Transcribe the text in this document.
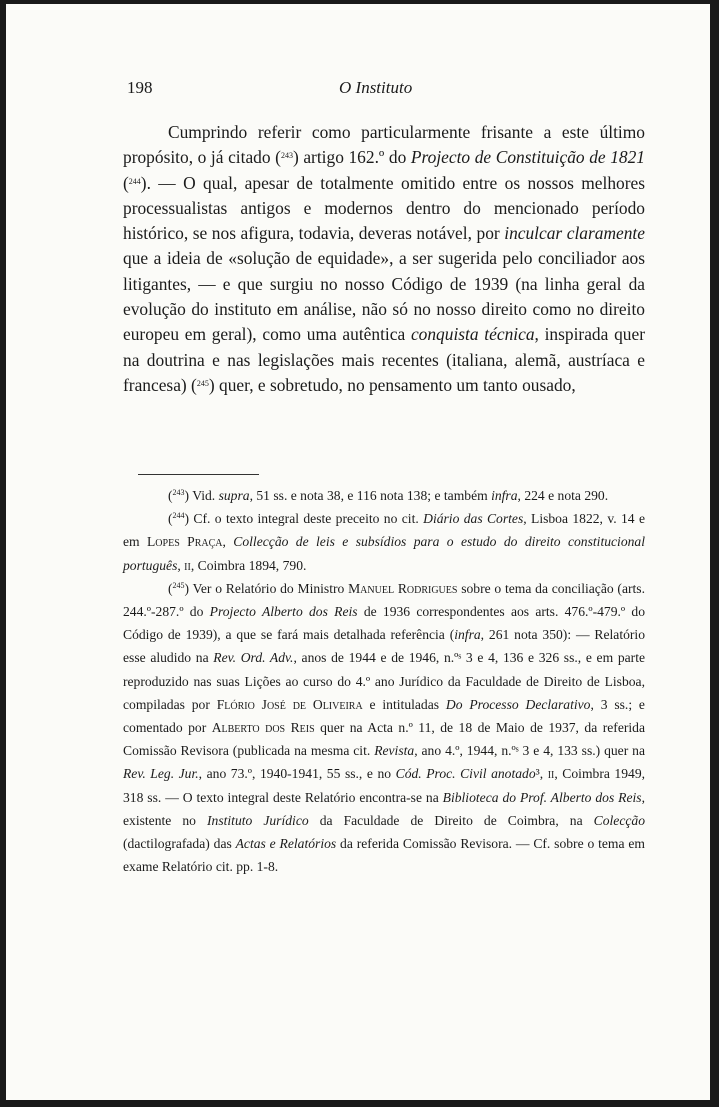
198	O Instituto

Cumprindo referir como particularmente frisante a este último propósito, o já citado ($^{243}$) artigo 162.º do Projecto de Constituição de 1821 ($^{244}$). — O qual, apesar de totalmente omitido entre os nossos melhores processualistas antigos e modernos dentro do mencionado período histórico, se nos afigura, todavia, deveras notável, por inculcar claramente que a ideia de «solução de equidade», a ser sugerida pelo conciliador aos litigantes, — e que surgiu no nosso Código de 1939 (na linha geral da evolução do instituto em análise, não só no nosso direito como no direito europeu em geral), como uma autêntica conquista técnica, inspirada quer na doutrina e nas legislações mais recentes (italiana, alemã, austríaca e francesa) ($^{245}$) quer, e sobretudo, no pensamento um tanto ousado,

($^{243}$) Vid. supra, 51 ss. e nota 38, e 116 nota 138; e também infra, 224 e nota 290.

($^{244}$) Cf. o texto integral deste preceito no cit. Diário das Cortes, Lisboa 1822, v. 14 e em Lopes Praça, Collecção de leis e subsídios para o estudo do direito constitucional português, ii, Coimbra 1894, 790.

($^{245}$) Ver o Relatório do Ministro Manuel Rodrigues sobre o tema da conciliação (arts. 244.º-287.º do Projecto Alberto dos Reis de 1936 correspondentes aos arts. 476.º-479.º do Código de 1939), a que se fará mais detalhada referência (infra, 261 nota 350): — Relatório esse aludido na Rev. Ord. Adv., anos de 1944 e de 1946, n.ºˢ 3 e 4, 136 e 326 ss., e em parte reproduzido nas suas Lições ao curso do 4.º ano Jurídico da Faculdade de Direito de Lisboa, compiladas por Flório José de Oliveira e intituladas Do Processo Declarativo, 3 ss.; e comentado por Alberto dos Reis quer na Acta n.º 11, de 18 de Maio de 1937, da referida Comissão Revisora (publicada na mesma cit. Revista, ano 4.º, 1944, n.ºˢ 3 e 4, 133 ss.) quer na Rev. Leg. Jur., ano 73.º, 1940-1941, 55 ss., e no Cód. Proc. Civil anotado³, ii, Coimbra 1949, 318 ss. — O texto integral deste Relatório encontra-se na Biblioteca do Prof. Alberto dos Reis, existente no Instituto Jurídico da Faculdade de Direito de Coimbra, na Colecção (dactilografada) das Actas e Relatórios da referida Comissão Revisora. — Cf. sobre o tema em exame Relatório cit. pp. 1-8.
